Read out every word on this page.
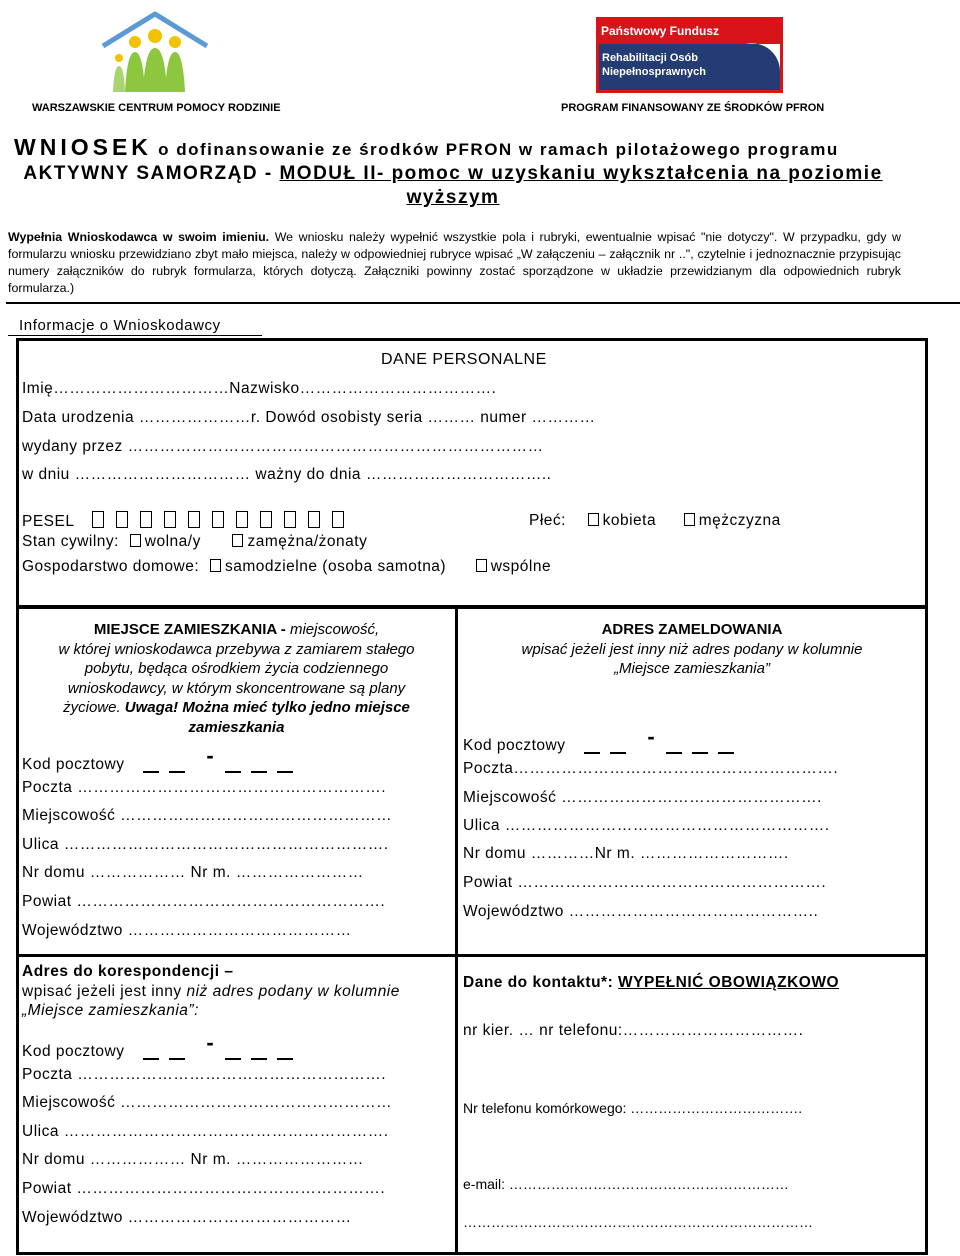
WARSZAWSKIE CENTRUM POMOCY RODZINIE
Państwowy Fundusz
Rehabilitacji Osób
Niepełnosprawnych
PROGRAM FINANSOWANY ZE ŚRODKÓW PFRON
WNIOSEK o dofinansowanie ze środków PFRON w ramach pilotażowego programu
AKTYWNY SAMORZĄD - MODUŁ II- pomoc w uzyskaniu wykształcenia na poziomie wyższym
Wypełnia Wnioskodawca w swoim imieniu. We wniosku należy wypełnić wszystkie pola i rubryki, ewentualnie wpisać "nie dotyczy". W przypadku, gdy w formularzu wniosku przewidziano zbyt mało miejsca, należy w odpowiedniej rubryce wpisać „W załączeniu – załącznik nr ..", czytelnie i jednoznacznie przypisując numery załączników do rubryk formularza, których dotyczą. Załączniki powinny zostać sporządzone w układzie przewidzianym dla odpowiednich rubryk formularza.)
Informacje o Wnioskodawcy
DANE PERSONALNE
Imię……………………………Nazwisko……………………………….
Data urodzenia …………………r. Dowód osobisty seria ……… numer …………
wydany przez ……………………………………………………………………
w dniu …………………………… ważny do dnia ……………………………..
PESEL	Płeć: kobieta	mężczyzna
Stan cywilny: wolna/y	zamężna/żonaty
Gospodarstwo domowe: samodzielne (osoba samotna)	wspólne
MIEJSCE ZAMIESZKANIA - miejscowość,
w której wnioskodawca przebywa z zamiarem stałego
pobytu, będąca ośrodkiem życia codziennego
wnioskodawcy, w którym skoncentrowane są plany
życiowe. Uwaga! Można mieć tylko jedno miejsce
zamieszkania
Kod pocztowy	-
Poczta ………………………………………………….
Miejscowość ……………………………………………
Ulica …………………………………………………….
Nr domu ……………… Nr m. ……………………
Powiat ………………………………………………….
Województwo ……………………………………
ADRES ZAMELDOWANIA
wpisać jeżeli jest inny niż adres podany w kolumnie
„Miejsce zamieszkania”
Kod pocztowy	-
Poczta…………………………………………………….
Miejscowość ………………………………………….
Ulica …………………………………………………….
Nr domu …………Nr m. ……………………….
Powiat ………………………………………………….
Województwo ………………………………………..
Adres do korespondencji –
wpisać jeżeli jest inny niż adres podany w kolumnie
„Miejsce zamieszkania”:
Kod pocztowy	-
Poczta ………………………………………………….
Miejscowość ……………………………………………
Ulica …………………………………………………….
Nr domu ……………… Nr m. ……………………
Powiat ………………………………………………….
Województwo ……………………………………
Dane do kontaktu*: WYPEŁNIĆ OBOWIĄZKOWO
nr kier. … nr telefonu:…………………………….
Nr telefonu komórkowego: ……………………………….
e-mail: ……………………………………………………
…………………………………………………………………
